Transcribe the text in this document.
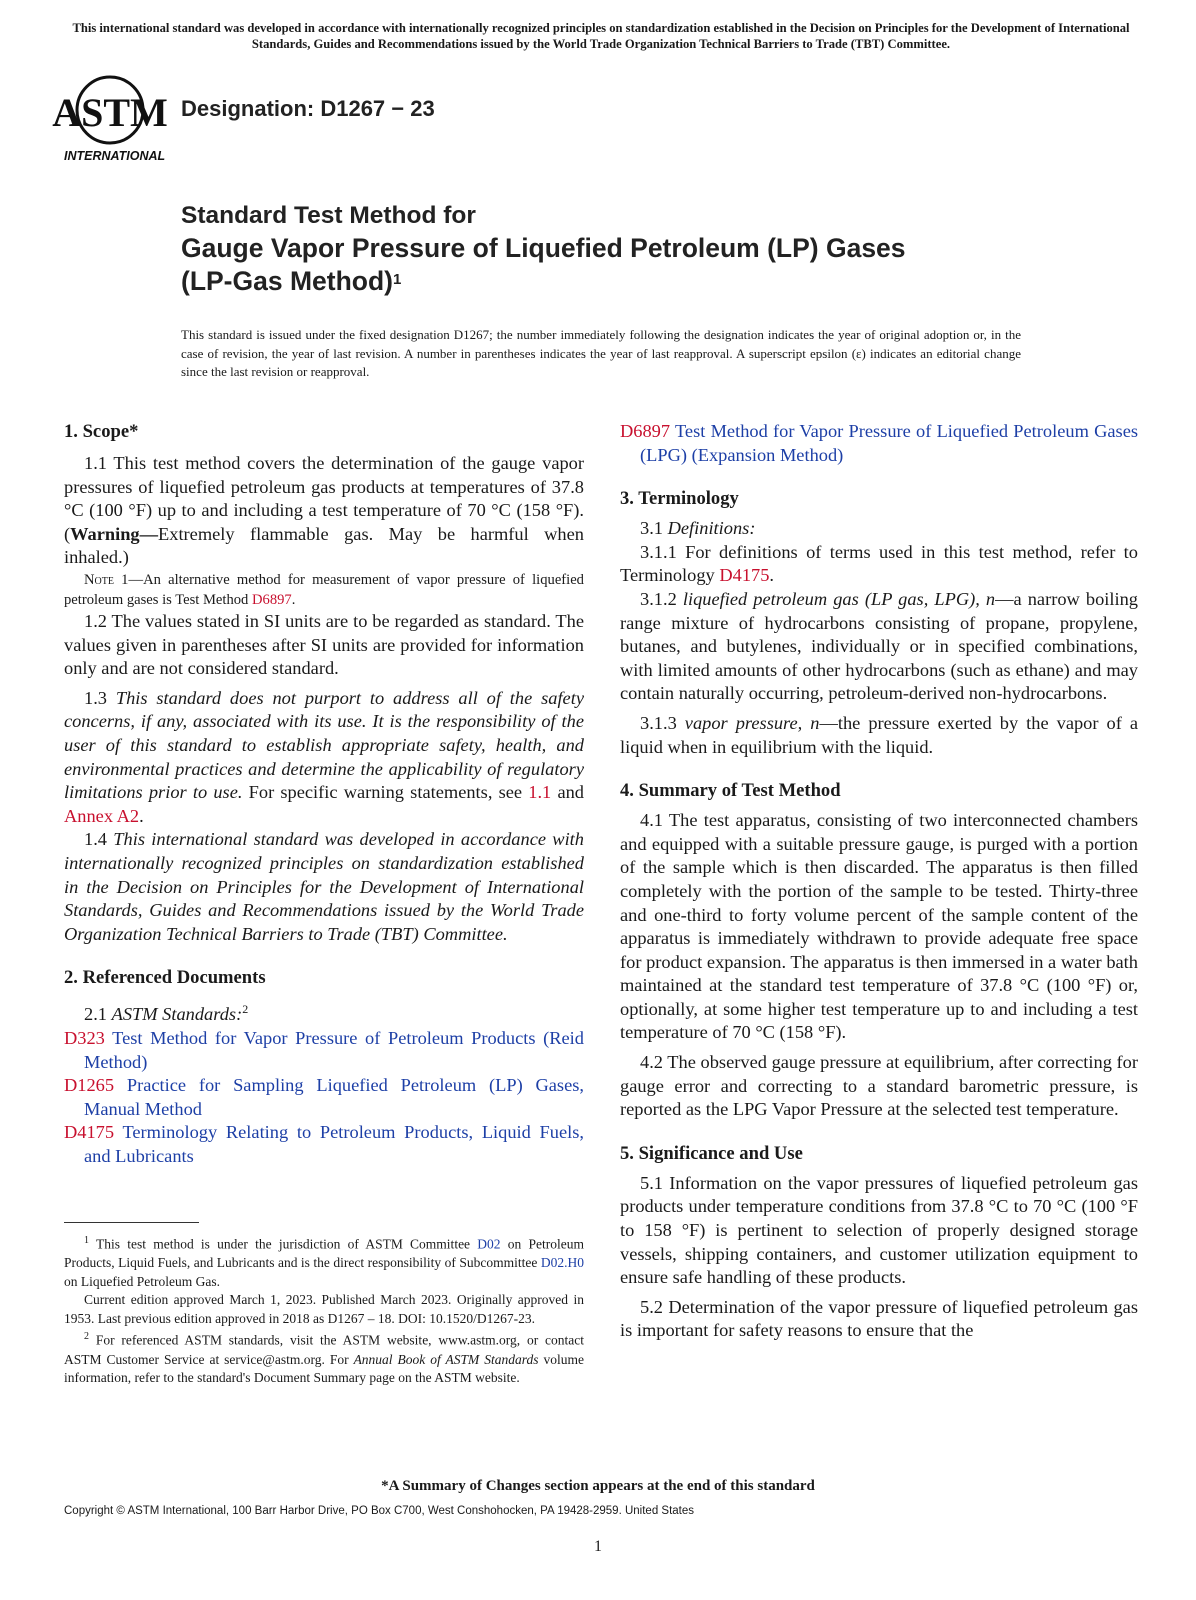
This international standard was developed in accordance with internationally recognized principles on standardization established in the Decision on Principles for the Development of International Standards, Guides and Recommendations issued by the World Trade Organization Technical Barriers to Trade (TBT) Committee.
ASTM
INTERNATIONAL
Designation: D1267 − 23
Standard Test Method for
Gauge Vapor Pressure of Liquefied Petroleum (LP) Gases
(LP-Gas Method)$^1$
This standard is issued under the fixed designation D1267; the number immediately following the designation indicates the year of original adoption or, in the case of revision, the year of last revision. A number in parentheses indicates the year of last reapproval. A superscript epsilon (ε) indicates an editorial change since the last revision or reapproval.
1. Scope*

1.1 This test method covers the determination of the gauge vapor pressures of liquefied petroleum gas products at temperatures of 37.8 °C (100 °F) up to and including a test temperature of 70 °C (158 °F). (Warning—Extremely flammable gas. May be harmful when inhaled.)

Note 1—An alternative method for measurement of vapor pressure of liquefied petroleum gases is Test Method D6897.

1.2 The values stated in SI units are to be regarded as standard. The values given in parentheses after SI units are provided for information only and are not considered standard.

1.3 This standard does not purport to address all of the safety concerns, if any, associated with its use. It is the responsibility of the user of this standard to establish appropriate safety, health, and environmental practices and determine the applicability of regulatory limitations prior to use. For specific warning statements, see 1.1 and Annex A2.

1.4 This international standard was developed in accordance with internationally recognized principles on standardization established in the Decision on Principles for the Development of International Standards, Guides and Recommendations issued by the World Trade Organization Technical Barriers to Trade (TBT) Committee.

2. Referenced Documents

2.1 ASTM Standards:$^2$

D323 Test Method for Vapor Pressure of Petroleum Products (Reid Method)

D1265 Practice for Sampling Liquefied Petroleum (LP) Gases, Manual Method

D4175 Terminology Relating to Petroleum Products, Liquid Fuels, and Lubricants

$^1$ This test method is under the jurisdiction of ASTM Committee D02 on Petroleum Products, Liquid Fuels, and Lubricants and is the direct responsibility of Subcommittee D02.H0 on Liquefied Petroleum Gas.

Current edition approved March 1, 2023. Published March 2023. Originally approved in 1953. Last previous edition approved in 2018 as D1267 – 18. DOI: 10.1520/D1267-23.

$^2$ For referenced ASTM standards, visit the ASTM website, www.astm.org, or contact ASTM Customer Service at service@astm.org. For Annual Book of ASTM Standards volume information, refer to the standard's Document Summary page on the ASTM website.

D6897 Test Method for Vapor Pressure of Liquefied Petroleum Gases (LPG) (Expansion Method)

3. Terminology

3.1 Definitions:

3.1.1 For definitions of terms used in this test method, refer to Terminology D4175.

3.1.2 liquefied petroleum gas (LP gas, LPG), n—a narrow boiling range mixture of hydrocarbons consisting of propane, propylene, butanes, and butylenes, individually or in specified combinations, with limited amounts of other hydrocarbons (such as ethane) and may contain naturally occurring, petroleum-derived non-hydrocarbons.

3.1.3 vapor pressure, n—the pressure exerted by the vapor of a liquid when in equilibrium with the liquid.

4. Summary of Test Method

4.1 The test apparatus, consisting of two interconnected chambers and equipped with a suitable pressure gauge, is purged with a portion of the sample which is then discarded. The apparatus is then filled completely with the portion of the sample to be tested. Thirty-three and one-third to forty volume percent of the sample content of the apparatus is immediately withdrawn to provide adequate free space for product expansion. The apparatus is then immersed in a water bath maintained at the standard test temperature of 37.8 °C (100 °F) or, optionally, at some higher test temperature up to and including a test temperature of 70 °C (158 °F).

4.2 The observed gauge pressure at equilibrium, after correcting for gauge error and correcting to a standard barometric pressure, is reported as the LPG Vapor Pressure at the selected test temperature.

5. Significance and Use

5.1 Information on the vapor pressures of liquefied petroleum gas products under temperature conditions from 37.8 °C to 70 °C (100 °F to 158 °F) is pertinent to selection of properly designed storage vessels, shipping containers, and customer utilization equipment to ensure safe handling of these products.

5.2 Determination of the vapor pressure of liquefied petroleum gas is important for safety reasons to ensure that the

*A Summary of Changes section appears at the end of this standard
Copyright © ASTM International, 100 Barr Harbor Drive, PO Box C700, West Conshohocken, PA 19428-2959. United States
1
